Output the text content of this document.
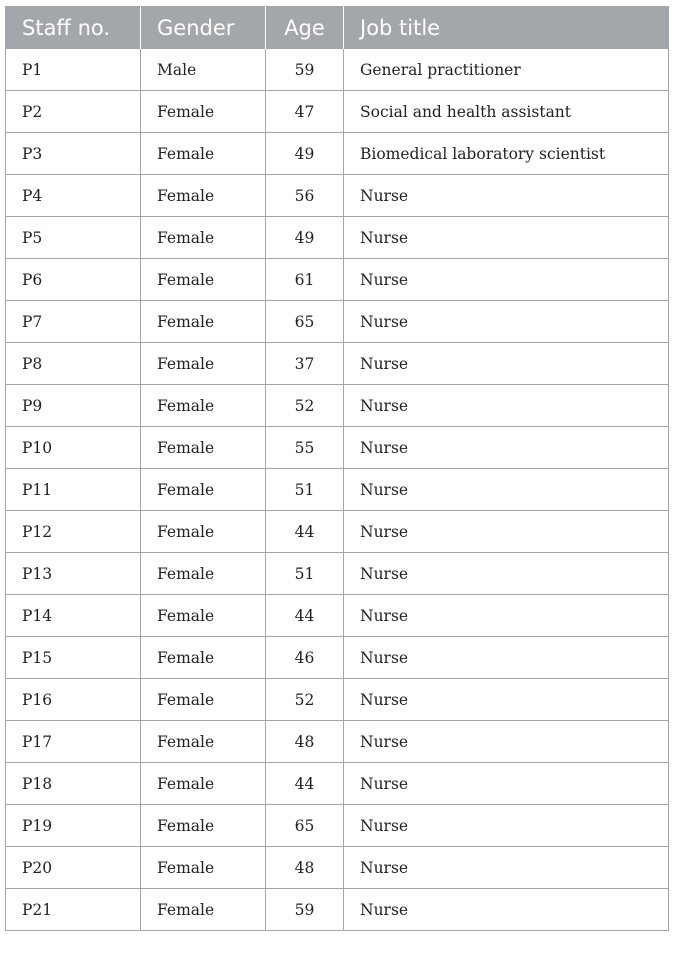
Staff no.	Gender	Age	Job title
P1	Male	59	General practitioner
P2	Female	47	Social and health assistant
P3	Female	49	Biomedical laboratory scientist
P4	Female	56	Nurse
P5	Female	49	Nurse
P6	Female	61	Nurse
P7	Female	65	Nurse
P8	Female	37	Nurse
P9	Female	52	Nurse
P10	Female	55	Nurse
P11	Female	51	Nurse
P12	Female	44	Nurse
P13	Female	51	Nurse
P14	Female	44	Nurse
P15	Female	46	Nurse
P16	Female	52	Nurse
P17	Female	48	Nurse
P18	Female	44	Nurse
P19	Female	65	Nurse
P20	Female	48	Nurse
P21	Female	59	Nurse
